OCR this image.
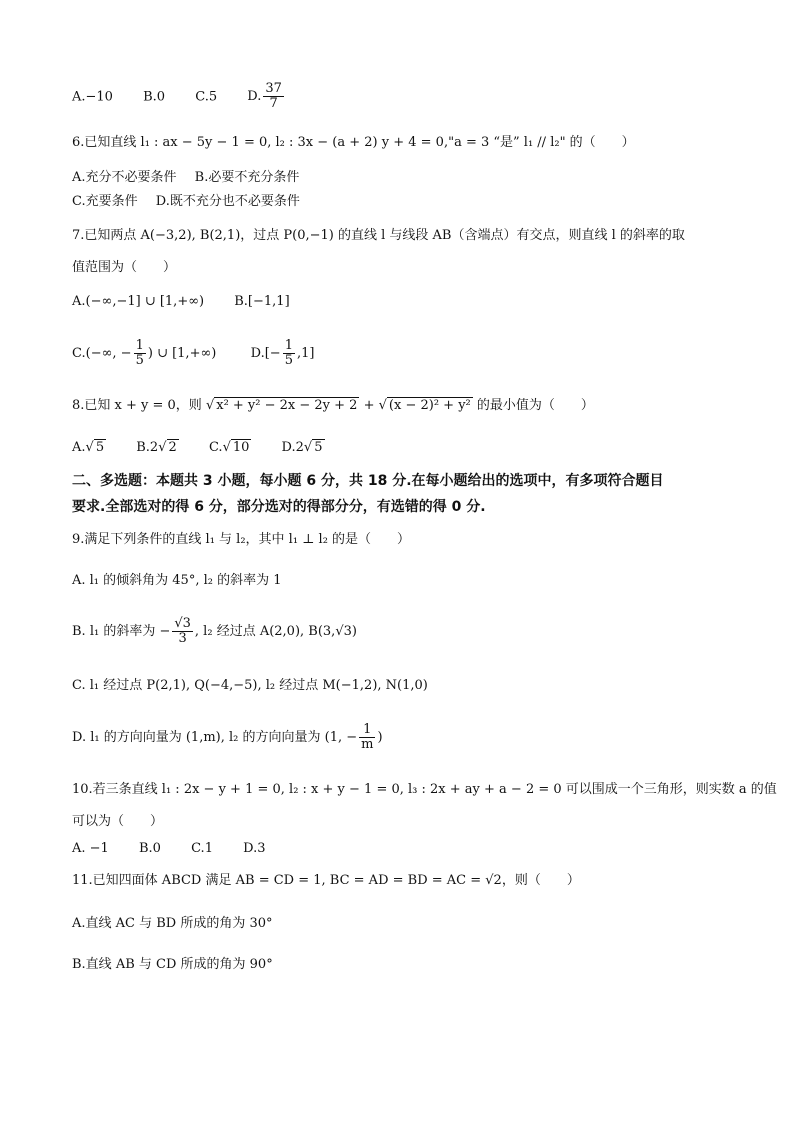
A.−10 B.0 C.5 D. $\frac{37}{7}$
6.已知直线 l₁ : ax − 5y − 1 = 0, l₂ : 3x − (a + 2) y + 4 = 0,"a = 3 “是” l₁ // l₂" 的（　　）
A.充分不必要条件 B.必要不充分条件
C.充要条件 D.既不充分也不必要条件
7.已知两点 A(−3,2), B(2,1)，过点 P(0,−1) 的直线 l 与线段 AB（含端点）有交点，则直线 l 的斜率的取
值范围为（　　）
A.(−∞,−1] ∪ [1,+∞) B.[−1,1]
C.(−∞, − $\frac{1}{5}$ ) ∪ [1,+∞)	$D.[- \frac{1}{5} ,1]$
8.已知 x + y = 0，则 √ x² + y² − 2x − 2y + 2 + √ (x − 2)² + y² 的最小值为（　　）
A.√ 5 B.2√ 2 C.√ 10 D.2√ 5
二、多选题：本题共 3 小题，每小题 6 分，共 18 分.在每小题给出的选项中，有多项符合题目
要求.全部选对的得 6 分，部分选对的得部分分，有选错的得 0 分.
9.满足下列条件的直线 l₁ 与 l₂，其中 l₁ ⊥ l₂ 的是（　　）
A. l₁ 的倾斜角为 45°, l₂ 的斜率为 1
B. l₁ 的斜率为 − $\frac{√3}{3}$ , l₂ 经过点 A(2,0), B(3,√3)
C. l₁ 经过点 P(2,1), Q(−4,−5), l₂ 经过点 M(−1,2), N(1,0)
D. l₁ 的方向向量为 (1,m), l₂ 的方向向量为 (1, − $\frac{1}{m}$ )
10.若三条直线 l₁ : 2x − y + 1 = 0, l₂ : x + y − 1 = 0, l₃ : 2x + ay + a − 2 = 0 可以围成一个三角形，则实数 a 的值
可以为（　　）
A. −1 B.0 C.1 D.3
11.已知四面体 ABCD 满足 AB = CD = 1, BC = AD = BD = AC = √2，则（　　）
A.直线 AC 与 BD 所成的角为 30°
B.直线 AB 与 CD 所成的角为 90°
